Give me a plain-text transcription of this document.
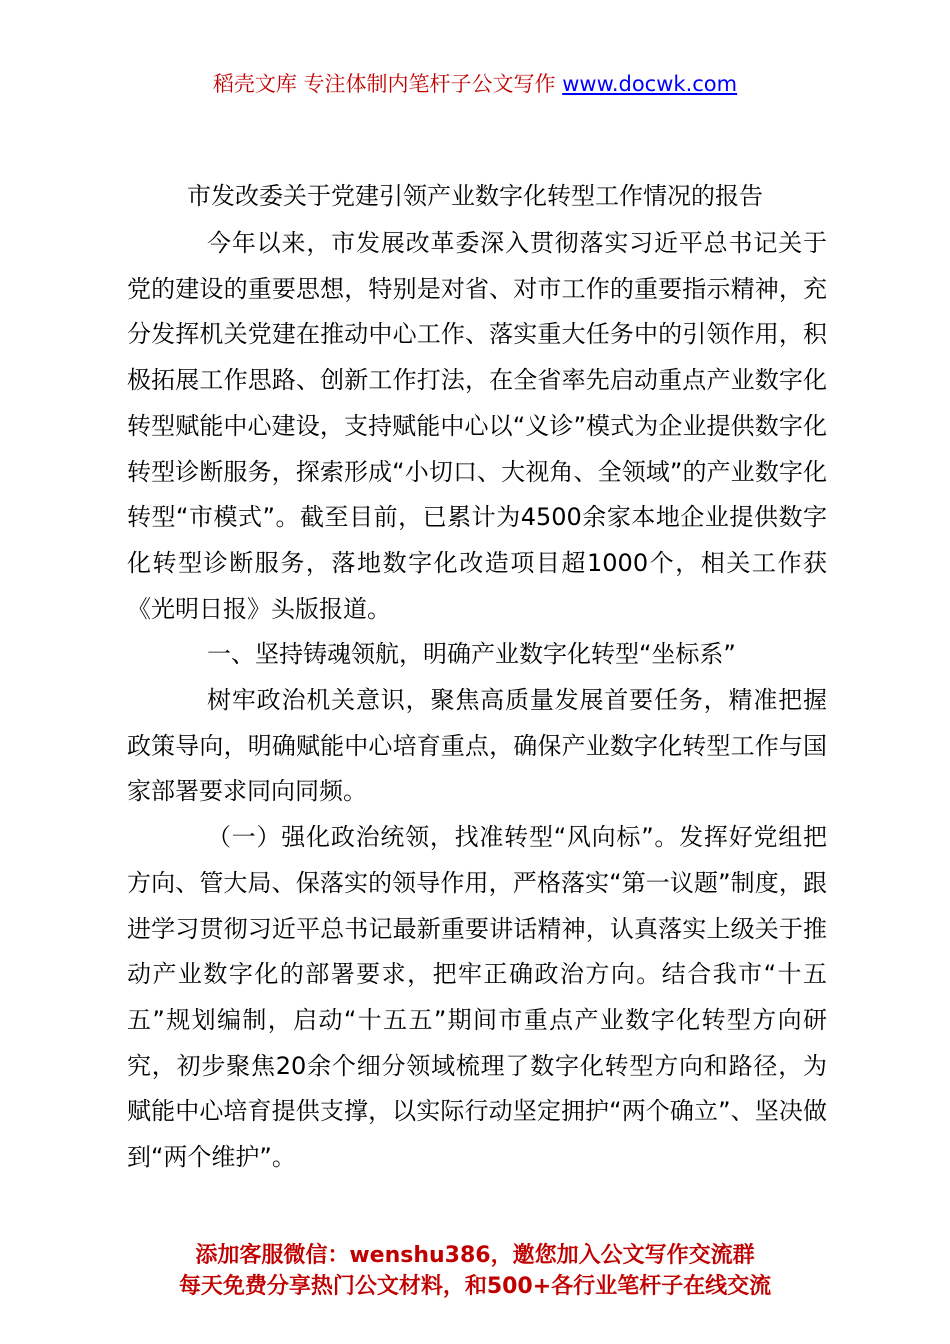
稻壳文库 专注体制内笔杆子公文写作 www.docwk.com
市发改委关于党建引领产业数字化转型工作情况的报告

今年以来，市发展改革委深入贯彻落实习近平总书记关于党的建设的重要思想，特别是对省、对市工作的重要指示精神，充分发挥机关党建在推动中心工作、落实重大任务中的引领作用，积极拓展工作思路、创新工作打法，在全省率先启动重点产业数字化转型赋能中心建设，支持赋能中心以“义诊”模式为企业提供数字化转型诊断服务，探索形成“小切口、大视角、全领域”的产业数字化转型“市模式”。截至目前，已累计为4500余家本地企业提供数字化转型诊断服务，落地数字化改造项目超1000个，相关工作获《光明日报》头版报道。

一、坚持铸魂领航，明确产业数字化转型“坐标系”

树牢政治机关意识，聚焦高质量发展首要任务，精准把握政策导向，明确赋能中心培育重点，确保产业数字化转型工作与国家部署要求同向同频。

（一）强化政治统领，找准转型“风向标”。发挥好党组把方向、管大局、保落实的领导作用，严格落实“第一议题”制度，跟进学习贯彻习近平总书记最新重要讲话精神，认真落实上级关于推动产业数字化的部署要求，把牢正确政治方向。结合我市“十五五”规划编制，启动“十五五”期间市重点产业数字化转型方向研究，初步聚焦20余个细分领域梳理了数字化转型方向和路径，为赋能中心培育提供支撑，以实际行动坚定拥护“两个确立”、坚决做到“两个维护”。

添加客服微信：wenshu386，邀您加入公文写作交流群
每天免费分享热门公文材料，和500+各行业笔杆子在线交流
